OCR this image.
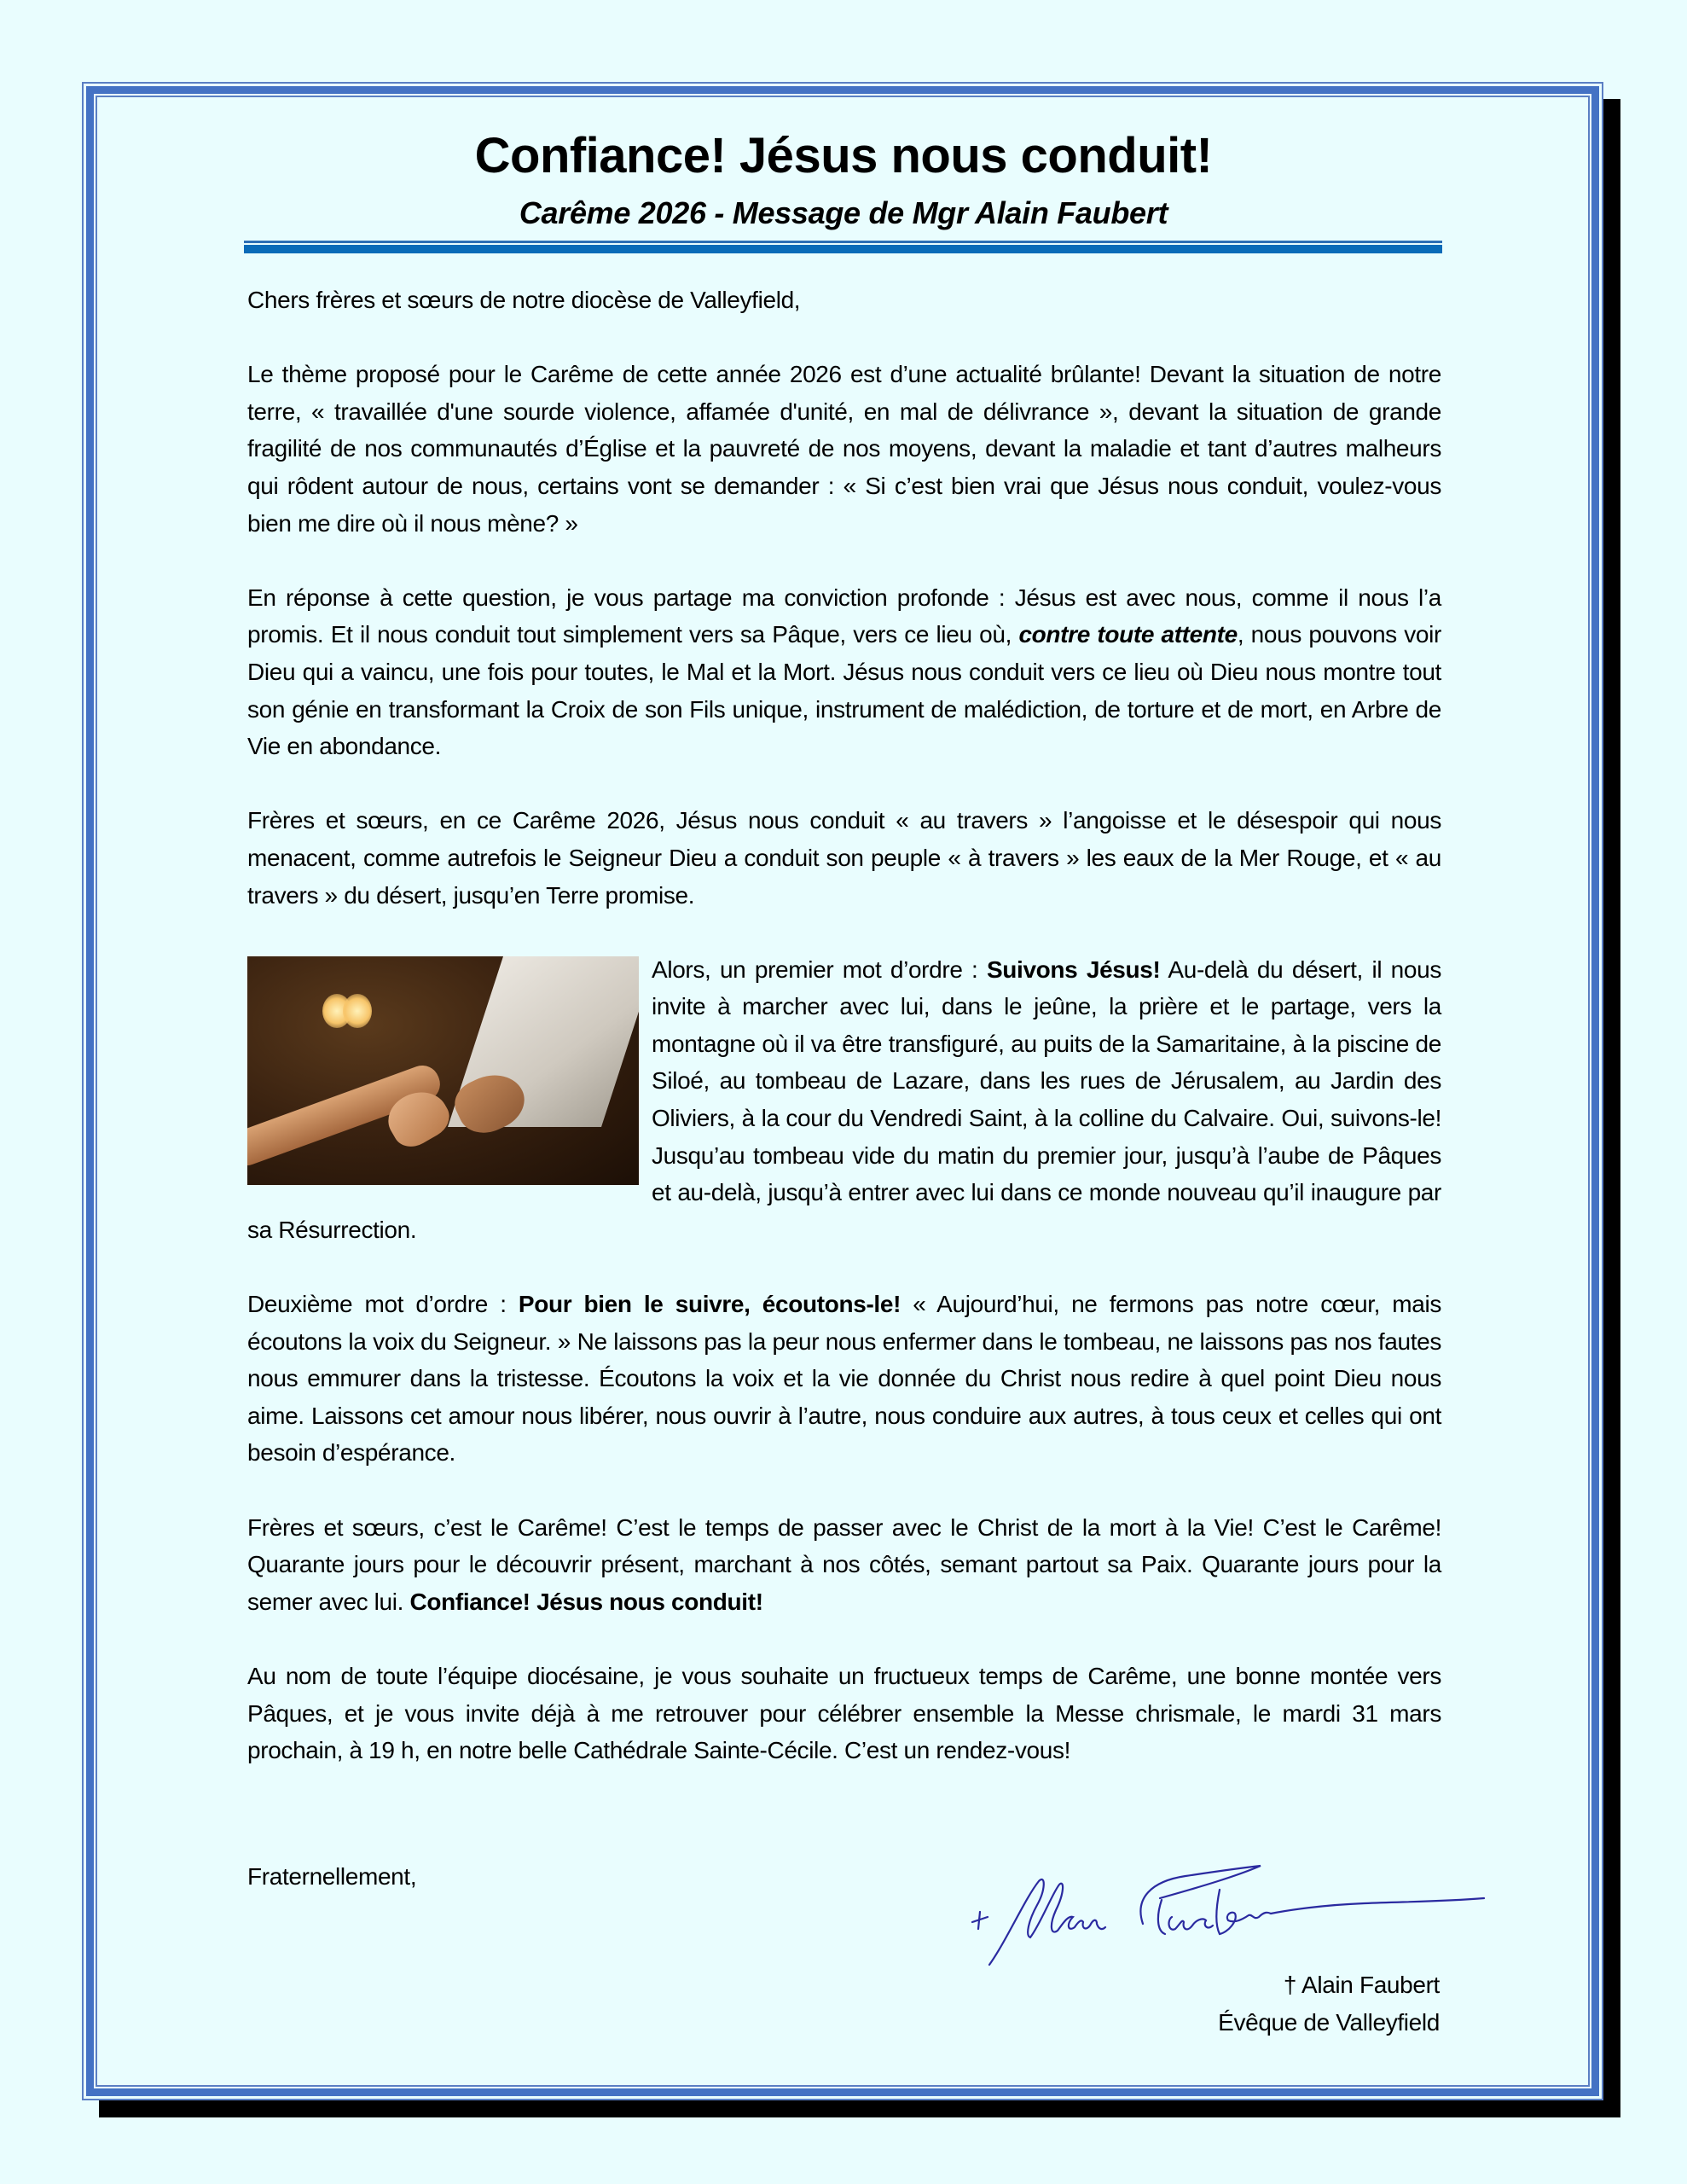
Confiance! Jésus nous conduit!
Carême 2026 - Message de Mgr Alain Faubert

Chers frères et sœurs de notre diocèse de Valleyfield,

Le thème proposé pour le Carême de cette année 2026 est d’une actualité brûlante! Devant la situation de notre terre, « travaillée d'une sourde violence, affamée d'unité, en mal de délivrance », devant la situation de grande fragilité de nos communautés d’Église et la pauvreté de nos moyens, devant la maladie et tant d’autres malheurs qui rôdent autour de nous, certains vont se demander : « Si c’est bien vrai que Jésus nous conduit, voulez-vous bien me dire où il nous mène? »

En réponse à cette question, je vous partage ma conviction profonde : Jésus est avec nous, comme il nous l’a promis. Et il nous conduit tout simplement vers sa Pâque, vers ce lieu où, contre toute attente, nous pouvons voir Dieu qui a vaincu, une fois pour toutes, le Mal et la Mort. Jésus nous conduit vers ce lieu où Dieu nous montre tout son génie en transformant la Croix de son Fils unique, instrument de malédiction, de torture et de mort, en Arbre de Vie en abondance.

Frères et sœurs, en ce Carême 2026, Jésus nous conduit « au travers » l’angoisse et le désespoir qui nous menacent, comme autrefois le Seigneur Dieu a conduit son peuple « à travers » les eaux de la Mer Rouge, et « au travers » du désert, jusqu’en Terre promise.

Alors, un premier mot d’ordre : Suivons Jésus! Au-delà du désert, il nous invite à marcher avec lui, dans le jeûne, la prière et le partage, vers la montagne où il va être transfiguré, au puits de la Samaritaine, à la piscine de Siloé, au tombeau de Lazare, dans les rues de Jérusalem, au Jardin des Oliviers, à la cour du Vendredi Saint, à la colline du Calvaire. Oui, suivons-le! Jusqu’au tombeau vide du matin du premier jour, jusqu’à l’aube de Pâques et au-delà, jusqu’à entrer avec lui dans ce monde nouveau qu’il inaugure par sa Résurrection.

Deuxième mot d’ordre : Pour bien le suivre, écoutons-le! « Aujourd’hui, ne fermons pas notre cœur, mais écoutons la voix du Seigneur. » Ne laissons pas la peur nous enfermer dans le tombeau, ne laissons pas nos fautes nous emmurer dans la tristesse. Écoutons la voix et la vie donnée du Christ nous redire à quel point Dieu nous aime. Laissons cet amour nous libérer, nous ouvrir à l’autre, nous conduire aux autres, à tous ceux et celles qui ont besoin d’espérance.

Frères et sœurs, c’est le Carême! C’est le temps de passer avec le Christ de la mort à la Vie! C’est le Carême! Quarante jours pour le découvrir présent, marchant à nos côtés, semant partout sa Paix. Quarante jours pour la semer avec lui. Confiance! Jésus nous conduit!

Au nom de toute l’équipe diocésaine, je vous souhaite un fructueux temps de Carême, une bonne montée vers Pâques, et je vous invite déjà à me retrouver pour célébrer ensemble la Messe chrismale, le mardi 31 mars prochain, à 19 h, en notre belle Cathédrale Sainte-Cécile. C’est un rendez-vous!

Fraternellement,
† Alain Faubert
Évêque de Valleyfield
